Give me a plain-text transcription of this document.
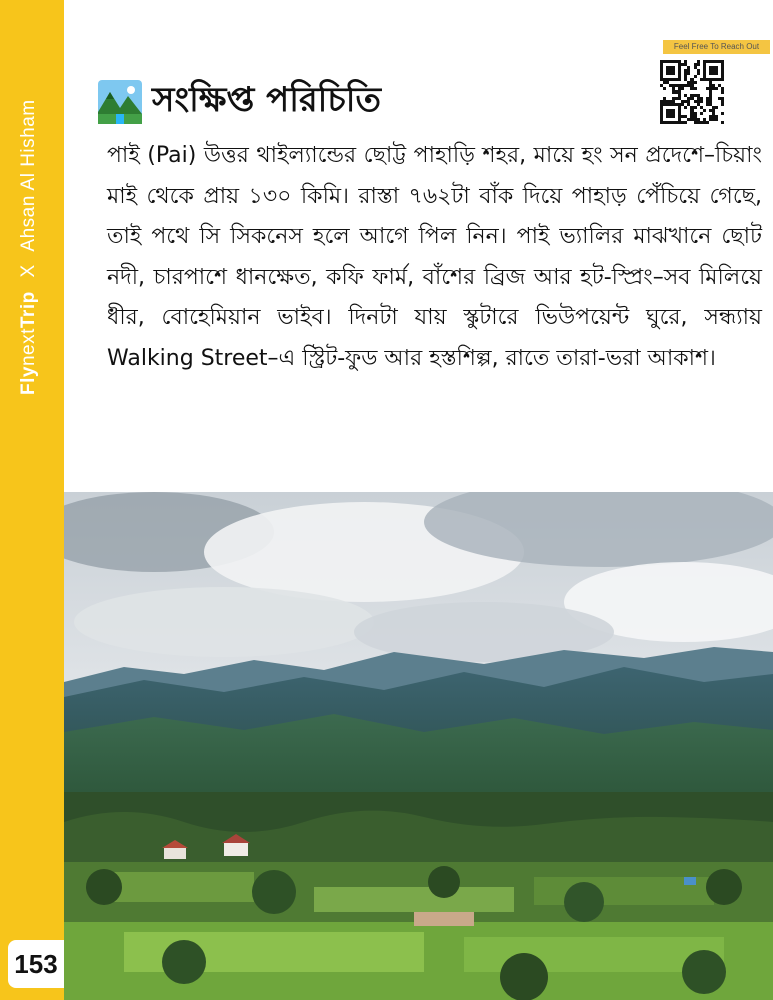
FlynextTrip X Ahsan Al Hisham
153
Feel Free To Reach Out
সংক্ষিপ্ত পরিচিতি

পাই (Pai) উত্তর থাইল্যান্ডের ছোট্ট পাহাড়ি শহর, মায়ে হং সন প্রদেশে–চিয়াং মাই থেকে প্রায় ১৩০ কিমি। রাস্তা ৭৬২টা বাঁক দিয়ে পাহাড় পেঁচিয়ে গেছে, তাই পথে সি সিকনেস হলে আগে পিল নিন। পাই ভ্যালির মাঝখানে ছোট নদী, চারপাশে ধানক্ষেত, কফি ফার্ম, বাঁশের ব্রিজ আর হট-স্প্রিং–সব মিলিয়ে ধীর, বোহেমিয়ান ভাইব। দিনটা যায় স্কুটারে ভিউপয়েন্ট ঘুরে, সন্ধ্যায় Walking Street–এ স্ট্রিট-ফুড আর হস্তশিল্প, রাতে তারা-ভরা আকাশ।
